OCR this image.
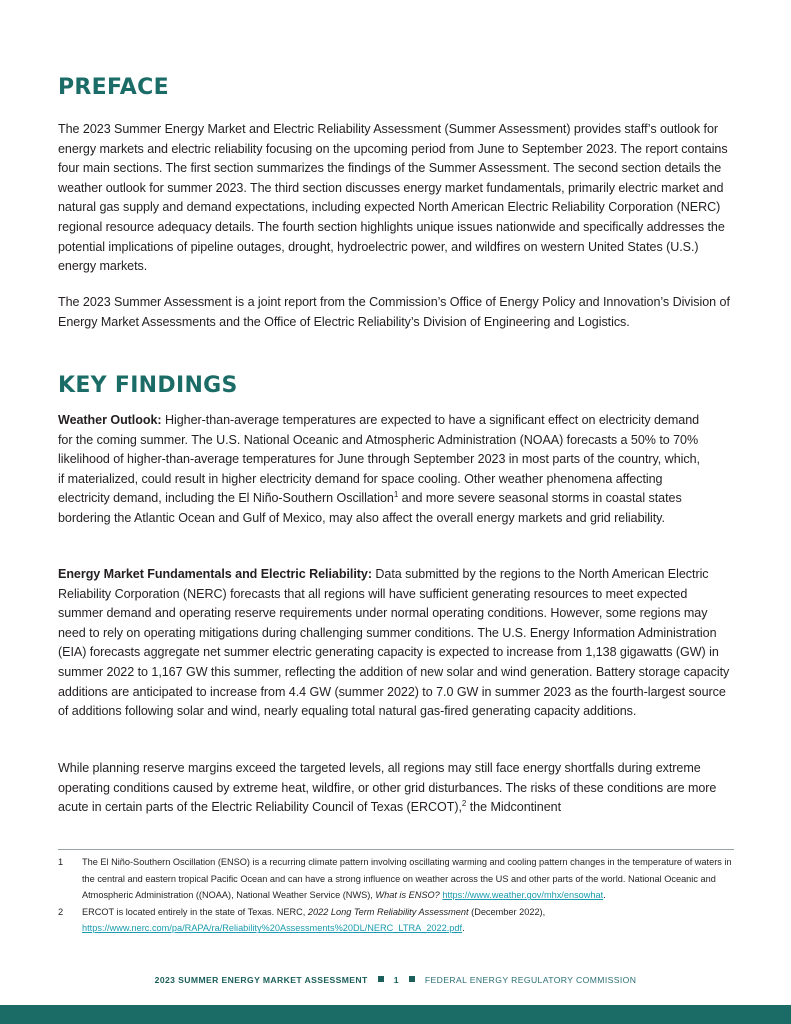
PREFACE

The 2023 Summer Energy Market and Electric Reliability Assessment (Summer Assessment) provides staff’s outlook for energy markets and electric reliability focusing on the upcoming period from June to September 2023. The report contains four main sections. The first section summarizes the findings of the Summer Assessment. The second section details the weather outlook for summer 2023. The third section discusses energy market fundamentals, primarily electric market and natural gas supply and demand expectations, including expected North American Electric Reliability Corporation (NERC) regional resource adequacy details. The fourth section highlights unique issues nationwide and specifically addresses the potential implications of pipeline outages, drought, hydroelectric power, and wildfires on western United States (U.S.) energy markets.

The 2023 Summer Assessment is a joint report from the Commission’s Office of Energy Policy and Innovation’s Division of Energy Market Assessments and the Office of Electric Reliability’s Division of Engineering and Logistics.

KEY FINDINGS

Weather Outlook: Higher-than-average temperatures are expected to have a significant effect on electricity demand for the coming summer. The U.S. National Oceanic and Atmospheric Administration (NOAA) forecasts a 50% to 70% likelihood of higher-than-average temperatures for June through September 2023 in most parts of the country, which, if materialized, could result in higher electricity demand for space cooling. Other weather phenomena affecting electricity demand, including the El Niño-Southern Oscillation$^1$ and more severe seasonal storms in coastal states bordering the Atlantic Ocean and Gulf of Mexico, may also affect the overall energy markets and grid reliability.

Energy Market Fundamentals and Electric Reliability: Data submitted by the regions to the North American Electric Reliability Corporation (NERC) forecasts that all regions will have sufficient generating resources to meet expected summer demand and operating reserve requirements under normal operating conditions. However, some regions may need to rely on operating mitigations during challenging summer conditions. The U.S. Energy Information Administration (EIA) forecasts aggregate net summer electric generating capacity is expected to increase from 1,138 gigawatts (GW) in summer 2022 to 1,167 GW this summer, reflecting the addition of new solar and wind generation. Battery storage capacity additions are anticipated to increase from 4.4 GW (summer 2022) to 7.0 GW in summer 2023 as the fourth-largest source of additions following solar and wind, nearly equaling total natural gas-fired generating capacity additions.

While planning reserve margins exceed the targeted levels, all regions may still face energy shortfalls during extreme operating conditions caused by extreme heat, wildfire, or other grid disturbances. The risks of these conditions are more acute in certain parts of the Electric Reliability Council of Texas (ERCOT),$^2$ the Midcontinent

1 The El Niño-Southern Oscillation (ENSO) is a recurring climate pattern involving oscillating warming and cooling pattern changes in the temperature of waters in the central and eastern tropical Pacific Ocean and can have a strong influence on weather across the US and other parts of the world. National Oceanic and Atmospheric Administration ((NOAA), National Weather Service (NWS), What is ENSO? https://www.weather.gov/mhx/ensowhat.
2 ERCOT is located entirely in the state of Texas. NERC, 2022 Long Term Reliability Assessment (December 2022), https://www.nerc.com/pa/RAPA/ra/Reliability%20Assessments%20DL/NERC_LTRA_2022.pdf.
2023 SUMMER ENERGY MARKET ASSESSMENT	1	FEDERAL ENERGY REGULATORY COMMISSION
